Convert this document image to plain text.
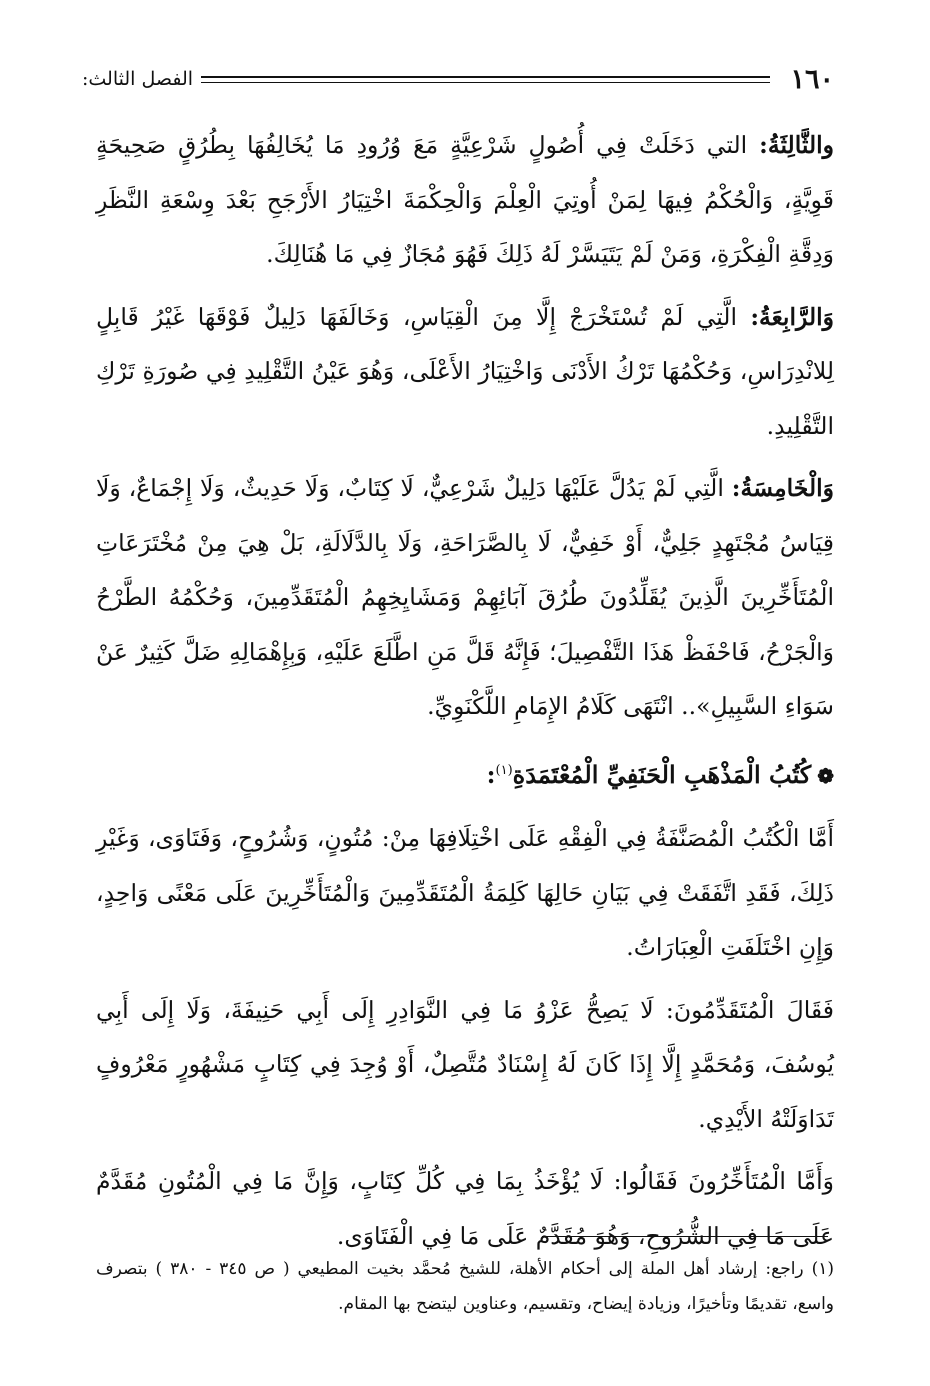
١٦٠
الفصل الثالث:

والثَّالِثَةُ: التي دَخَلَتْ فِي أُصُولٍ شَرْعِيَّةٍ مَعَ وُرُودِ مَا يُخَالِفُهَا بِطُرُقٍ صَحِيحَةٍ قَوِيَّةٍ، وَالْحُكْمُ فِيهَا لِمَنْ أُوتِيَ الْعِلْمَ وَالْحِكْمَةَ اخْتِيَارُ الأَرْجَحِ بَعْدَ وِسْعَةِ النَّظَرِ وَدِقَّةِ الْفِكْرَةِ، وَمَنْ لَمْ يَتَيَسَّرْ لَهُ ذَلِكَ فَهُوَ مُجَازٌ فِي مَا هُنَالِكَ.

وَالرَّابِعَةُ: الَّتِي لَمْ تُسْتَخْرَجْ إِلَّا مِنَ الْقِيَاسِ، وَخَالَفَهَا دَلِيلٌ فَوْقَهَا غَيْرُ قَابِلٍ لِلانْدِرَاسِ، وَحُكْمُهَا تَرْكُ الأَدْنَى وَاخْتِيَارُ الأَعْلَى، وَهُوَ عَيْنُ التَّقْلِيدِ فِي صُورَةِ تَرْكِ التَّقْلِيدِ.

وَالْخَامِسَةُ: الَّتِي لَمْ يَدُلَّ عَلَيْهَا دَلِيلٌ شَرْعِيٌّ، لَا كِتَابٌ، وَلَا حَدِيثٌ، وَلَا إِجْمَاعٌ، وَلَا قِيَاسُ مُجْتَهِدٍ جَلِيٌّ، أَوْ خَفِيٌّ، لَا بِالصَّرَاحَةِ، وَلَا بِالدَّلَالَةِ، بَلْ هِيَ مِنْ مُخْتَرَعَاتِ الْمُتَأَخِّرِينَ الَّذِينَ يُقَلِّدُونَ طُرُقَ آبَائِهِمْ وَمَشَايِخِهِمُ الْمُتَقَدِّمِينَ، وَحُكْمُهُ الطَّرْحُ وَالْجَرْحُ، فَاحْفَظْ هَذَا التَّفْصِيلَ؛ فَإِنَّهُ قَلَّ مَنِ اطَّلَعَ عَلَيْهِ، وَبِإِهْمَالِهِ ضَلَّ كَثِيرٌ عَنْ سَوَاءِ السَّبِيلِ».. انْتَهَى كَلَامُ الإِمَامِ اللَّكْنَوِيِّ.

❁كُتُبُ الْمَذْهَبِ الْحَنَفِيِّ الْمُعْتَمَدَةِ$^{(١)}$:

أَمَّا الْكُتُبُ الْمُصَنَّفَةُ فِي الْفِقْهِ عَلَى اخْتِلَافِهَا مِنْ: مُتُونٍ، وَشُرُوحٍ، وَفَتَاوَى، وَغَيْرِ ذَلِكَ، فَقَدِ اتَّفَقَتْ فِي بَيَانِ حَالِهَا كَلِمَةُ الْمُتَقَدِّمِينَ وَالْمُتَأَخِّرِينَ عَلَى مَعْنًى وَاحِدٍ، وَإِنِ اخْتَلَفَتِ الْعِبَارَاتُ.

فَقَالَ الْمُتَقَدِّمُونَ: لَا يَصِحُّ عَزْوُ مَا فِي النَّوَادِرِ إِلَى أَبِي حَنِيفَةَ، وَلَا إِلَى أَبِي يُوسُفَ، وَمُحَمَّدٍ إِلَّا إِذَا كَانَ لَهُ إِسْنَادٌ مُتَّصِلٌ، أَوْ وُجِدَ فِي كِتَابٍ مَشْهُورٍ مَعْرُوفٍ تَدَاوَلَتْهُ الأَيْدِي.

وَأَمَّا الْمُتَأَخِّرُونَ فَقَالُوا: لَا يُؤْخَذُ بِمَا فِي كُلِّ كِتَابٍ، وَإِنَّ مَا فِي الْمُتُونِ مُقَدَّمٌ عَلَى مَا فِي الشُّرُوحِ، وَهُوَ مُقَدَّمٌ عَلَى مَا فِي الْفَتَاوَى.

(١) راجع: إرشاد أهل الملة إلى أحكام الأهلة، للشيخ مُحمَّد بخيت المطيعي ( ص ٣٤٥ - ٣٨٠ ) بتصرف واسع، تقديمًا وتأخيرًا، وزيادة إيضاح، وتقسيم، وعناوين ليتضح بها المقام.
